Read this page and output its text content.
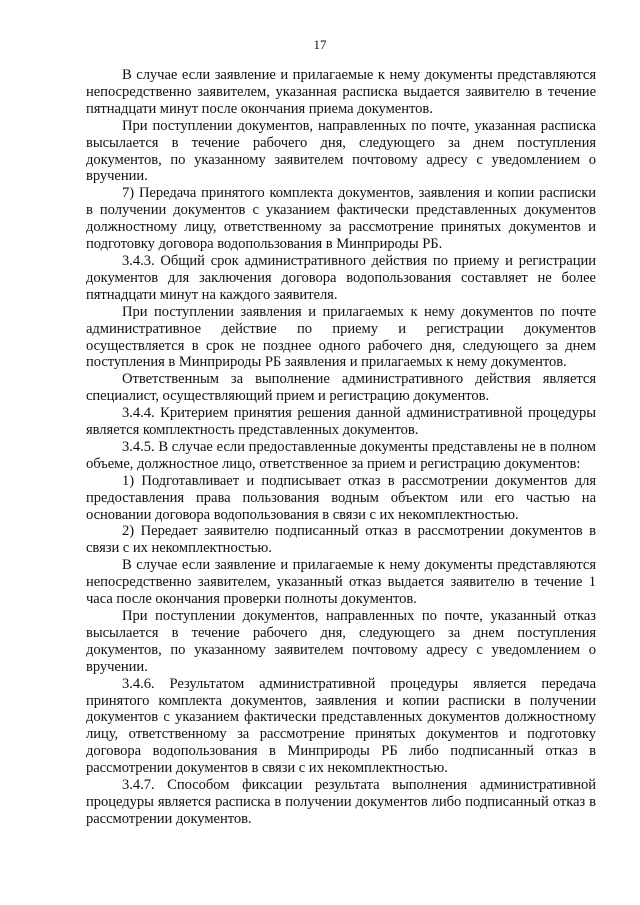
17

В случае если заявление и прилагаемые к нему документы представляются непосредственно заявителем, указанная расписка выдается заявителю в течение пятнадцати минут после окончания приема документов.

При поступлении документов, направленных по почте, указанная расписка высылается в течение рабочего дня, следующего за днем поступления документов, по указанному заявителем почтовому адресу с уведомлением о вручении.

7) Передача принятого комплекта документов, заявления и копии расписки в получении документов с указанием фактически представленных документов должностному лицу, ответственному за рассмотрение принятых документов и подготовку договора водопользования в Минприроды РБ.

3.4.3. Общий срок административного действия по приему и регистрации документов для заключения договора водопользования составляет не более пятнадцати минут на каждого заявителя.

При поступлении заявления и прилагаемых к нему документов по почте административное действие по приему и регистрации документов осуществляется в срок не позднее одного рабочего дня, следующего за днем поступления в Минприроды РБ заявления и прилагаемых к нему документов.

Ответственным за выполнение административного действия является специалист, осуществляющий прием и регистрацию документов.

3.4.4. Критерием принятия решения данной административной процедуры является комплектность представленных документов.

3.4.5. В случае если предоставленные документы представлены не в полном объеме, должностное лицо, ответственное за прием и регистрацию документов:

1) Подготавливает и подписывает отказ в рассмотрении документов для предоставления права пользования водным объектом или его частью на основании договора водопользования в связи с их некомплектностью.

2) Передает заявителю подписанный отказ в рассмотрении документов в связи с их некомплектностью.

В случае если заявление и прилагаемые к нему документы представляются непосредственно заявителем, указанный отказ выдается заявителю в течение 1 часа после окончания проверки полноты документов.

При поступлении документов, направленных по почте, указанный отказ высылается в течение рабочего дня, следующего за днем поступления документов, по указанному заявителем почтовому адресу с уведомлением о вручении.

3.4.6. Результатом административной процедуры является передача принятого комплекта документов, заявления и копии расписки в получении документов с указанием фактически представленных документов должностному лицу, ответственному за рассмотрение принятых документов и подготовку договора водопользования в Минприроды РБ либо подписанный отказ в рассмотрении документов в связи с их некомплектностью.

3.4.7. Способом фиксации результата выполнения административной процедуры является расписка в получении документов либо подписанный отказ в рассмотрении документов.
